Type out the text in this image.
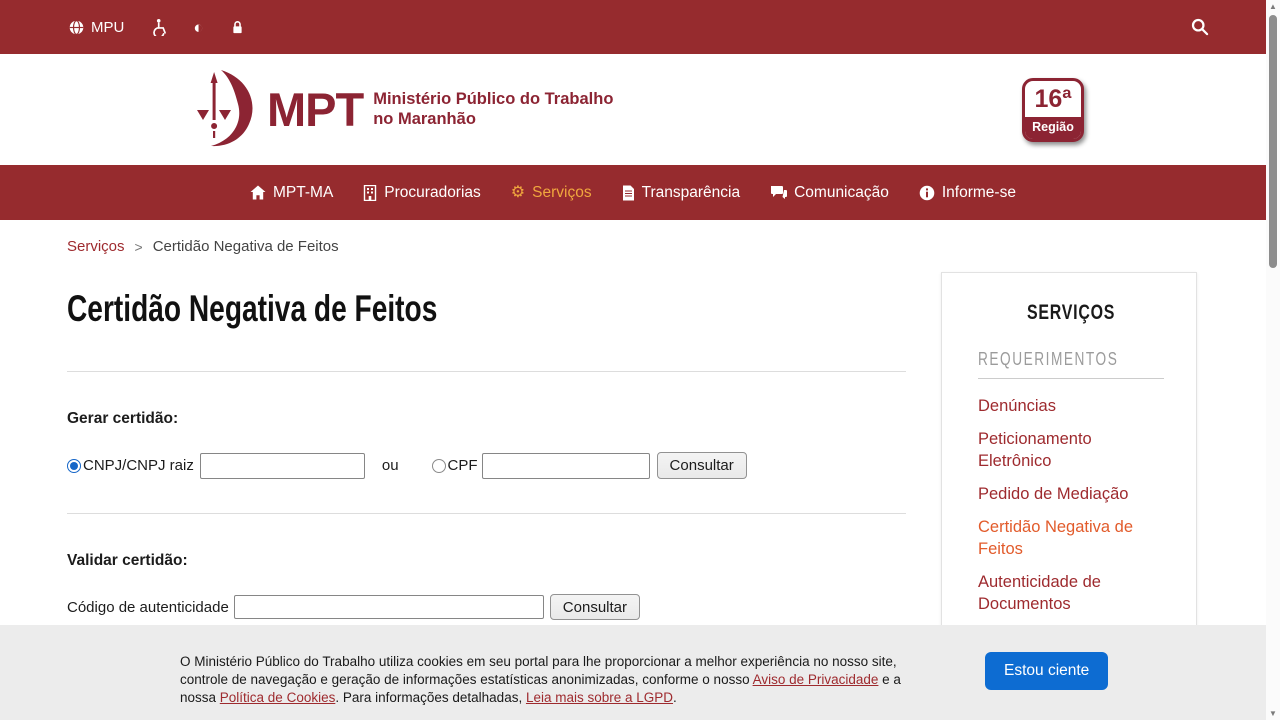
MPU	◐
MPT Ministério Público do Trabalho
no Maranhão
16ª
Região
MPT-MA	Procuradorias ⚙ Serviços	Transparência	Comunicação	Informe-se
Serviços > Certidão Negativa de Feitos
Certidão Negativa de Feitos
Gerar certidão:
CNPJ/CNPJ raiz	ou	CPF	Consultar
Validar certidão:
Código de autenticidade	Consultar
SERVIÇOS
REQUERIMENTOS
Denúncias
Peticionamento Eletrônico
Pedido de Mediação
Certidão Negativa de Feitos
Autenticidade de Documentos
O Ministério Público do Trabalho utiliza cookies em seu portal para lhe proporcionar a melhor experiência no nosso site, controle de navegação e geração de informações estatísticas anonimizadas, conforme o nosso Aviso de Privacidade e a nossa Política de Cookies. Para informações detalhadas, Leia mais sobre a LGPD.
Estou ciente
▲
▼
